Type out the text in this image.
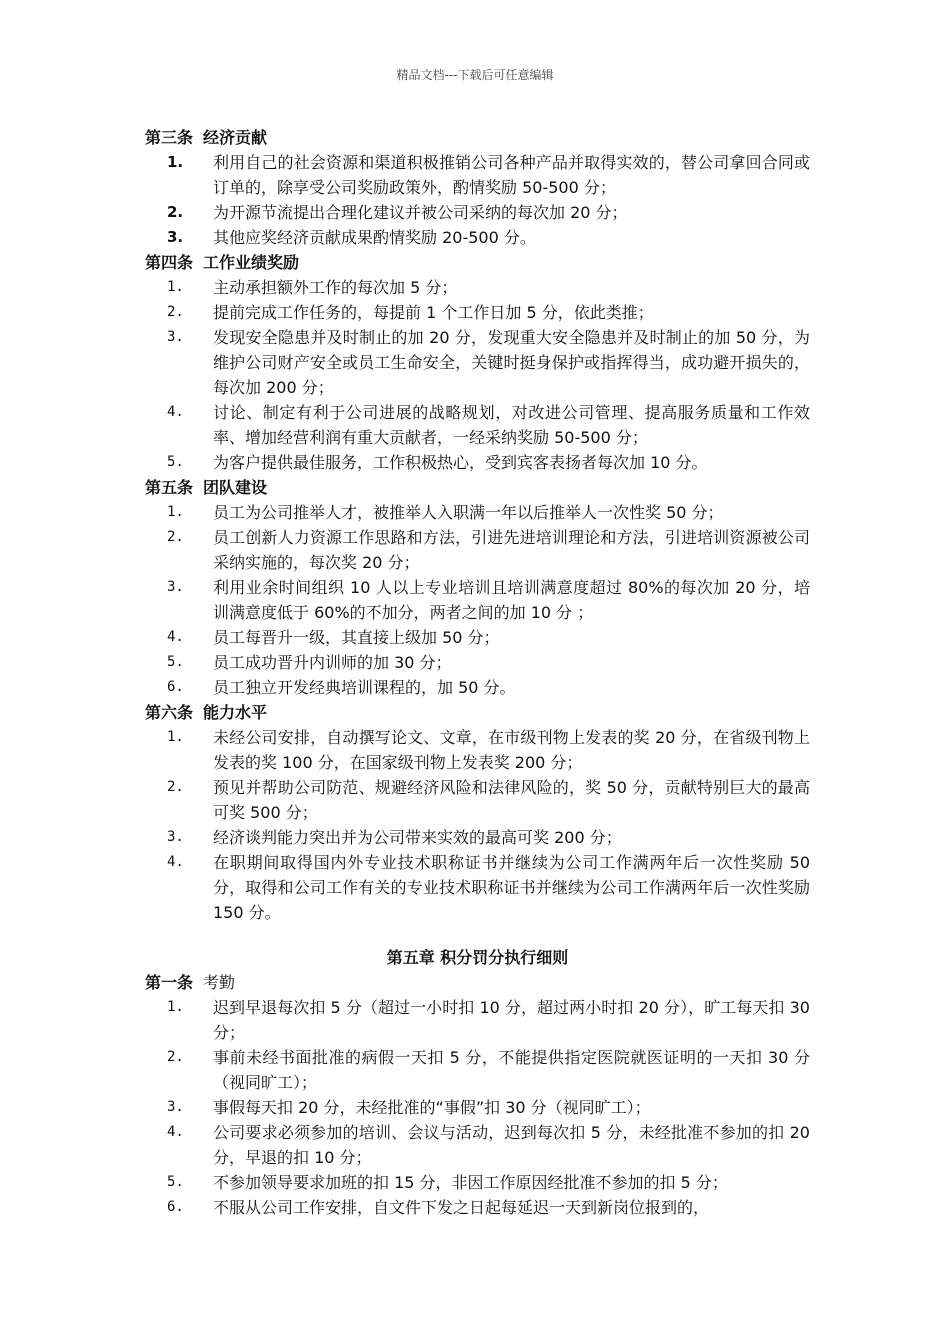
精品文档---下载后可任意编辑
第三条 经济贡献
1.	利用自己的社会资源和渠道积极推销公司各种产品并取得实效的，替公司拿回合同或订单的，除享受公司奖励政策外，酌情奖励 50-500 分；
2.	为开源节流提出合理化建议并被公司采纳的每次加 20 分；
3.	其他应奖经济贡献成果酌情奖励 20-500 分。
第四条 工作业绩奖励
1.	主动承担额外工作的每次加 5 分；
2.	提前完成工作任务的，每提前 1 个工作日加 5 分，依此类推；
3.	发现安全隐患并及时制止的加 20 分，发现重大安全隐患并及时制止的加 50 分，为维护公司财产安全或员工生命安全，关键时挺身保护或指挥得当，成功避开损失的，每次加 200 分；
4.	讨论、制定有利于公司进展的战略规划，对改进公司管理、提高服务质量和工作效率、增加经营利润有重大贡献者，一经采纳奖励 50-500 分；
5.	为客户提供最佳服务，工作积极热心，受到宾客表扬者每次加 10 分。
第五条 团队建设
1.	员工为公司推举人才，被推举人入职满一年以后推举人一次性奖 50 分；
2.	员工创新人力资源工作思路和方法，引进先进培训理论和方法，引进培训资源被公司采纳实施的，每次奖 20 分；
3.	利用业余时间组织 10 人以上专业培训且培训满意度超过 80%的每次加 20 分，培训满意度低于 60%的不加分，两者之间的加 10 分 ；
4.	员工每晋升一级，其直接上级加 50 分；
5.	员工成功晋升内训师的加 30 分；
6.	员工独立开发经典培训课程的，加 50 分。
第六条 能力水平
1.	未经公司安排，自动撰写论文、文章，在市级刊物上发表的奖 20 分，在省级刊物上发表的奖 100 分，在国家级刊物上发表奖 200 分；
2.	预见并帮助公司防范、规避经济风险和法律风险的，奖 50 分，贡献特别巨大的最高可奖 500 分；
3.	经济谈判能力突出并为公司带来实效的最高可奖 200 分；
4.	在职期间取得国内外专业技术职称证书并继续为公司工作满两年后一次性奖励 50 分，取得和公司工作有关的专业技术职称证书并继续为公司工作满两年后一次性奖励 150 分。
第五章 积分罚分执行细则
第一条 考勤
1.	迟到早退每次扣 5 分（超过一小时扣 10 分，超过两小时扣 20 分），旷工每天扣 30 分；
2.	事前未经书面批准的病假一天扣 5 分，不能提供指定医院就医证明的一天扣 30 分（视同旷工）；
3.	事假每天扣 20 分，未经批准的“事假”扣 30 分（视同旷工）；
4.	公司要求必须参加的培训、会议与活动，迟到每次扣 5 分，未经批准不参加的扣 20 分，早退的扣 10 分；
5.	不参加领导要求加班的扣 15 分，非因工作原因经批准不参加的扣 5 分；
6.	不服从公司工作安排，自文件下发之日起每延迟一天到新岗位报到的，
